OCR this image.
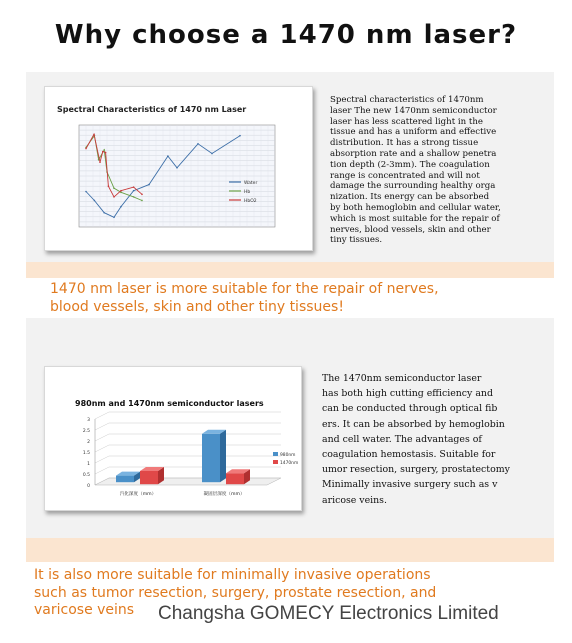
Why choose a 1470 nm laser?

Spectral Characteristics of 1470 nm Laser

Water
Hb
HbO2

Spectral characteristics of 1470nm
laser The new 1470nm semiconductor
laser has less scattered light in the
tissue and has a uniform and effective
distribution. It has a strong tissue
absorption rate and a shallow penetra
tion depth (2-3mm). The coagulation
range is concentrated and will not
damage the surrounding healthy orga
nization. Its energy can be absorbed
by both hemoglobin and cellular water,
which is most suitable for the repair of
nerves, blood vessels, skin and other
tiny tissues.

1470 nm laser is more suitable for the repair of nerves,
blood vessels, skin and other tiny tissues!

980nm and 1470nm semiconductor lasers

0
0.5
1
1.5
2
2.5
3
汽化深度（mm）	凝固层深度（mm）
980nm
1470nm

The 1470nm semiconductor laser
has both high cutting efficiency and
can be conducted through optical fib
ers. It can be absorbed by hemoglobin
and cell water. The advantages of
coagulation hemostasis. Suitable for
umor resection, surgery, prostatectomy
Minimally invasive surgery such as v
aricose veins.

It is also more suitable for minimally invasive operations
such as tumor resection, surgery, prostate resection, and
varicose veins	Changsha GOMECY Electronics Limited
